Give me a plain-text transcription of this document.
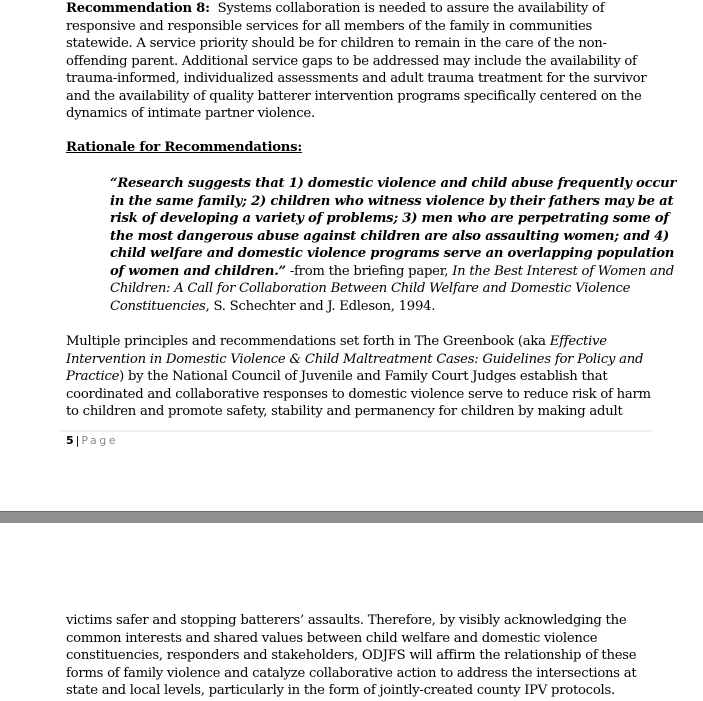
Recommendation 8:  Systems collaboration is needed to assure the availability of
responsive and responsible services for all members of the family in communities
statewide. A service priority should be for children to remain in the care of the non-
offending parent. Additional service gaps to be addressed may include the availability of
trauma-informed, individualized assessments and adult trauma treatment for the survivor
and the availability of quality batterer intervention programs specifically centered on the
dynamics of intimate partner violence.
Rationale for Recommendations:
“Research suggests that 1) domestic violence and child abuse frequently occur
in the same family; 2) children who witness violence by their fathers may be at
risk of developing a variety of problems; 3) men who are perpetrating some of
the most dangerous abuse against children are also assaulting women; and 4)
child welfare and domestic violence programs serve an overlapping population
of women and children.” -from the briefing paper, In the Best Interest of Women and
Children: A Call for Collaboration Between Child Welfare and Domestic Violence
Constituencies, S. Schechter and J. Edleson, 1994.
Multiple principles and recommendations set forth in The Greenbook (aka Effective
Intervention in Domestic Violence & Child Maltreatment Cases: Guidelines for Policy and
Practice) by the National Council of Juvenile and Family Court Judges establish that
coordinated and collaborative responses to domestic violence serve to reduce risk of harm
to children and promote safety, stability and permanency for children by making adult
5 | Page
victims safer and stopping batterers’ assaults. Therefore, by visibly acknowledging the
common interests and shared values between child welfare and domestic violence
constituencies, responders and stakeholders, ODJFS will affirm the relationship of these
forms of family violence and catalyze collaborative action to address the intersections at
state and local levels, particularly in the form of jointly-created county IPV protocols.
